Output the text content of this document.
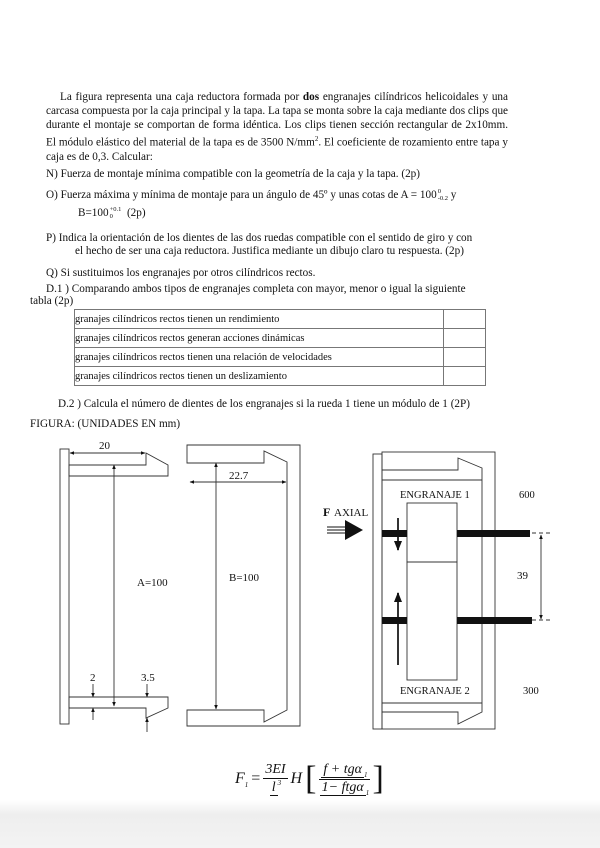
La figura representa una caja reductora formada por dos engranajes cilíndricos helicoidales y una carcasa compuesta por la caja principal y la tapa. La tapa se monta sobre la caja mediante dos clips que durante el montaje se comportan de forma idéntica. Los clips tienen sección rectangular de 2x10mm. El módulo elástico del material de la tapa es de 3500 $N/mm^2$. El coeficiente de rozamiento entre tapa y caja es de 0,3. Calcular:
N) Fuerza de montaje mínima compatible con la geometría de la caja y la tapa. (2p)
O) Fuerza máxima y mínima de montaje para un ángulo de 45º y unas cotas de A = 1000
-0.2 y
B=100+0.1
0 (2p)
P) Indica la orientación de los dientes de las dos ruedas compatible con el sentido de giro y con
el hecho de ser una caja reductora. Justifica mediante un dibujo claro tu respuesta. (2p)
Q) Si sustituimos los engranajes por otros cilíndricos rectos.
D.1 ) Comparando ambos tipos de engranajes completa con mayor, menor o igual la siguiente
tabla (2p)
granajes cilíndricos rectos tienen un rendimiento	
granajes cilíndricos rectos generan acciones dinámicas	
granajes cilíndricos rectos tienen una relación de velocidades	
granajes cilíndricos rectos tienen un deslizamiento	
D.2 ) Calcula el número de dientes de los engranajes si la rueda 1 tiene un módulo de 1 (2P)
FIGURA: (UNIDADES EN mm)
20
A=100
2	3.5
22.7
B=100
F AXIAL
ENGRANAJE 1	600
ENGRANAJE 2	300
39
$F_1 = \frac{3EI}{l ^3}$ H [ $\frac{f + tg\alpha _1}{1- ftg\alpha _1}$ ]
